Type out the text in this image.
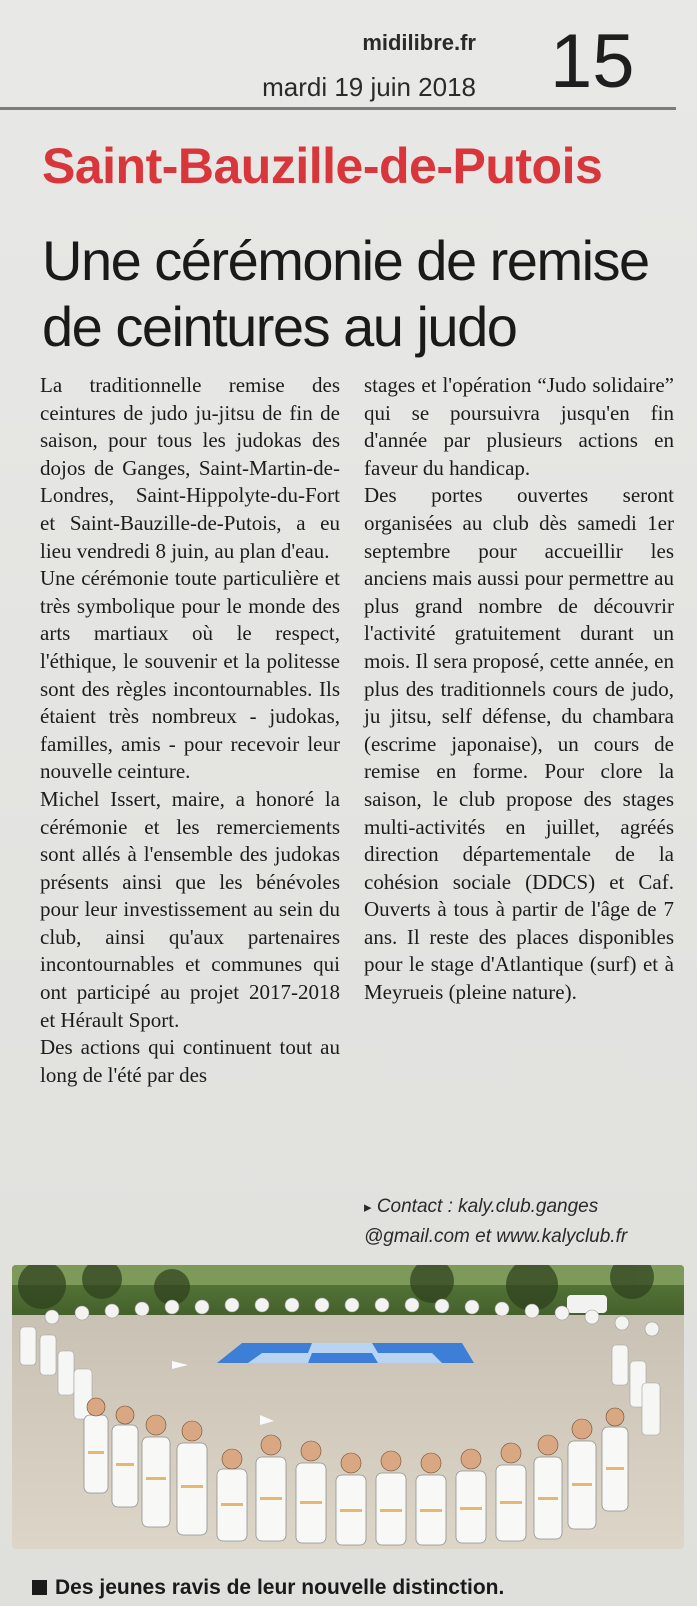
midilibre.fr
mardi 19 juin 2018 15
Saint-Bauzille-de-Putois
Une cérémonie de remise de ceintures au judo

La traditionnelle remise des ceintures de judo ju-jitsu de fin de saison, pour tous les judokas des dojos de Ganges, Saint-Martin-de-Londres, Saint-Hippolyte-du-Fort et Saint-Bauzille-de-Putois, a eu lieu vendredi 8 juin, au plan d'eau.

Une cérémonie toute particulière et très symbolique pour le monde des arts martiaux où le respect, l'éthique, le souvenir et la politesse sont des règles incontournables. Ils étaient très nombreux - judokas, familles, amis - pour recevoir leur nouvelle ceinture.

Michel Issert, maire, a honoré la cérémonie et les remerciements sont allés à l'ensemble des judokas présents ainsi que les bénévoles pour leur investissement au sein du club, ainsi qu'aux partenaires incontournables et communes qui ont participé au projet 2017-2018 et Hérault Sport.

Des actions qui continuent tout au long de l'été par des

stages et l'opération “Judo solidaire” qui se poursuivra jusqu'en fin d'année par plusieurs actions en faveur du handicap.

Des portes ouvertes seront organisées au club dès samedi 1er septembre pour accueillir les anciens mais aussi pour permettre au plus grand nombre de découvrir l'activité gratuitement durant un mois. Il sera proposé, cette année, en plus des traditionnels cours de judo, ju jitsu, self défense, du chambara (escrime japonaise), un cours de remise en forme. Pour clore la saison, le club propose des stages multi-activités en juillet, agréés direction départementale de la cohésion sociale (DDCS) et Caf. Ouverts à tous à partir de l'âge de 7 ans. Il reste des places disponibles pour le stage d'Atlantique (surf) et à Meyrueis (pleine nature).

▸ Contact : kaly.club.ganges
@gmail.com et www.kalyclub.fr
Des jeunes ravis de leur nouvelle distinction.
